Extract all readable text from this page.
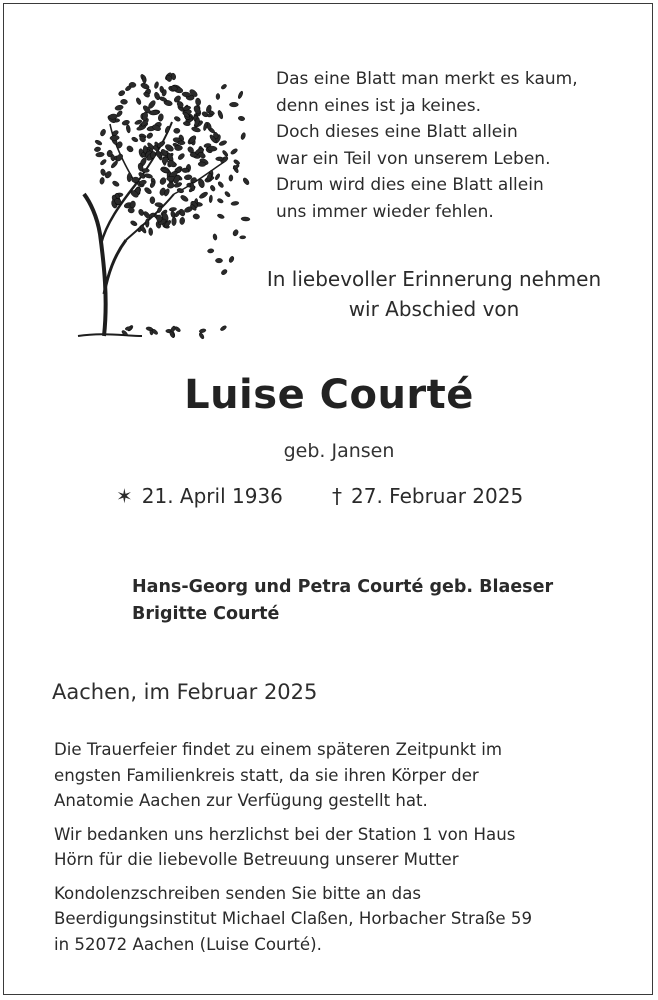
Das eine Blatt man merkt es kaum,
denn eines ist ja keines.
Doch dieses eine Blatt allein
war ein Teil von unserem Leben.
Drum wird dies eine Blatt allein
uns immer wieder fehlen.
In liebevoller Erinnerung nehmen
wir Abschied von
Luise Courté
geb. Jansen
✶ 21. April 1936 † 27. Februar 2025
Hans-Georg und Petra Courté geb. Blaeser
Brigitte Courté
Aachen, im Februar 2025
Die Trauerfeier findet zu einem späteren Zeitpunkt im
engsten Familienkreis statt, da sie ihren Körper der
Anatomie Aachen zur Verfügung gestellt hat.
Wir bedanken uns herzlichst bei der Station 1 von Haus
Hörn für die liebevolle Betreuung unserer Mutter
Kondolenzschreiben senden Sie bitte an das
Beerdigungsinstitut Michael Claßen, Horbacher Straße 59
in 52072 Aachen (Luise Courté).
